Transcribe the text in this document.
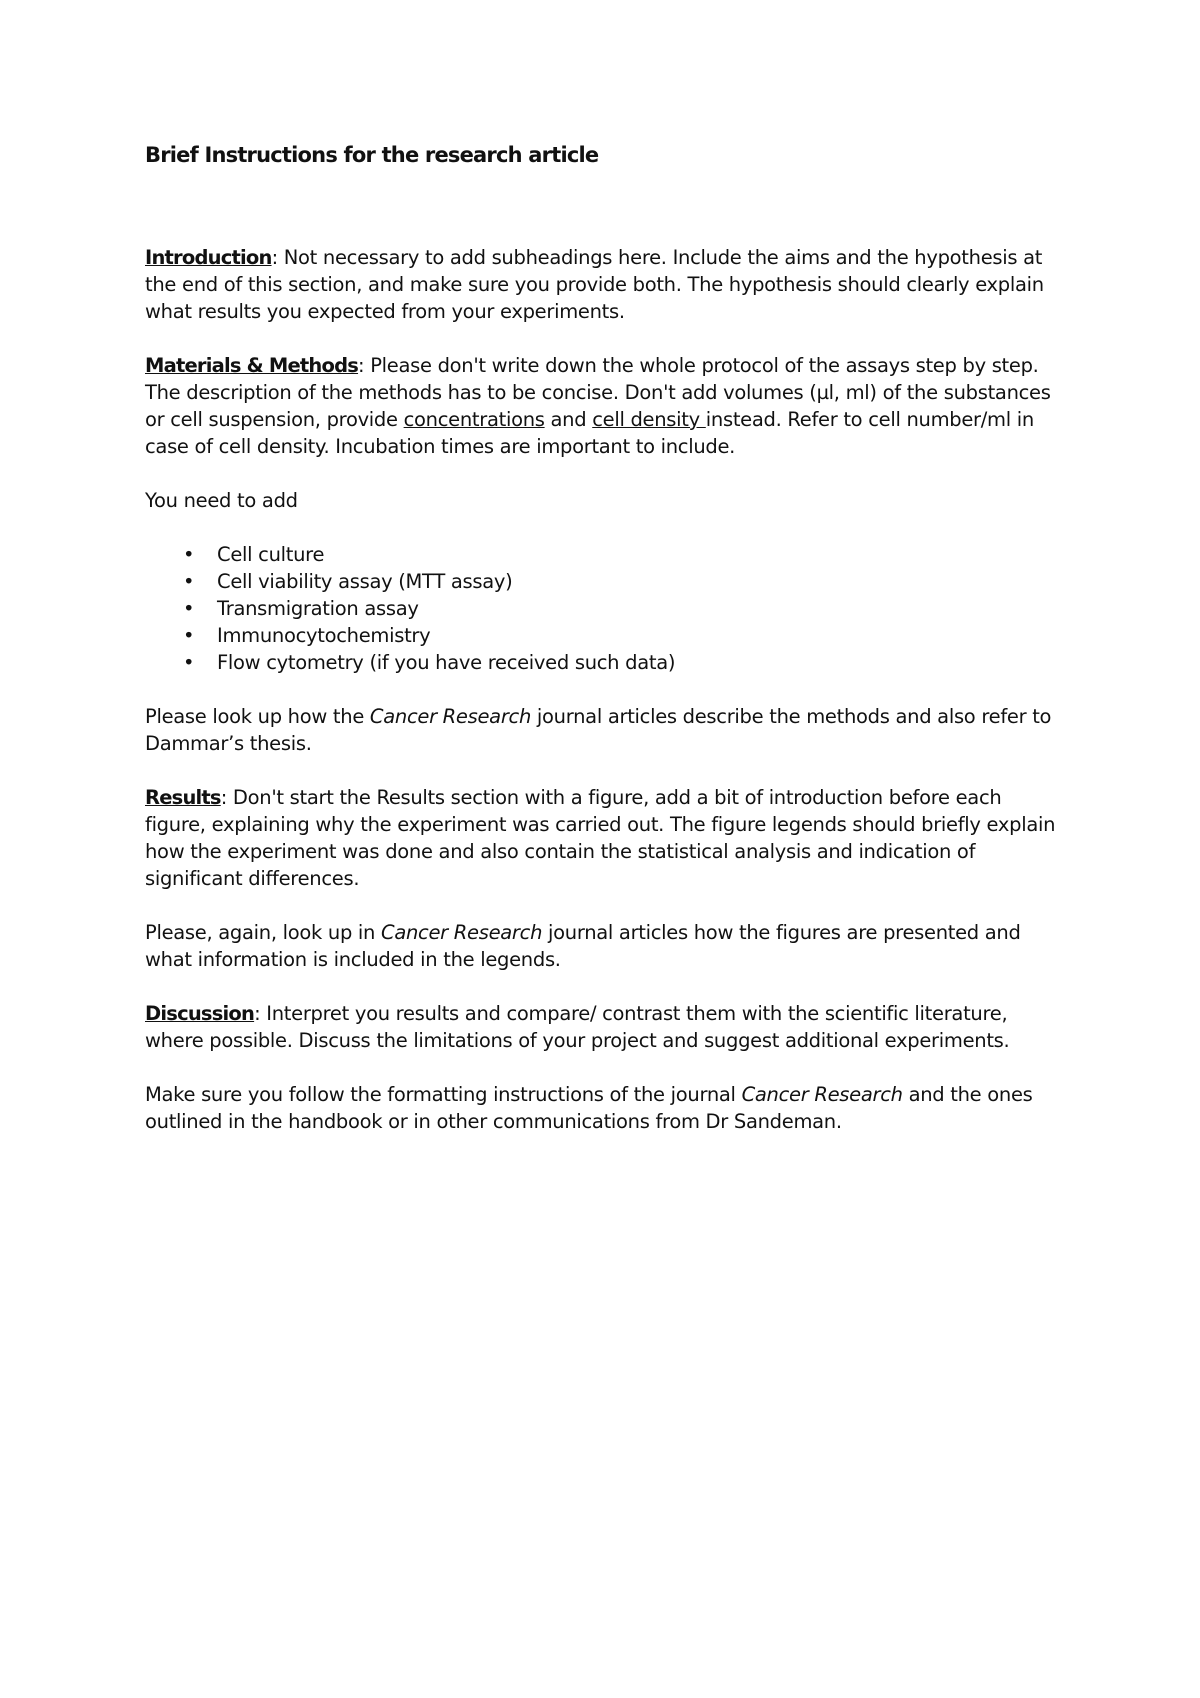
Brief Instructions for the research article

Introduction: Not necessary to add subheadings here. Include the aims and the hypothesis at the end of this section, and make sure you provide both. The hypothesis should clearly explain what results you expected from your experiments.

Materials & Methods: Please don't write down the whole protocol of the assays step by step. The description of the methods has to be concise. Don't add volumes (µl, ml) of the substances or cell suspension, provide concentrations and cell density instead. Refer to cell number/ml in case of cell density. Incubation times are important to include.

You need to add

• Cell culture
• Cell viability assay (MTT assay)
• Transmigration assay
• Immunocytochemistry
• Flow cytometry (if you have received such data)

Please look up how the Cancer Research journal articles describe the methods and also refer to Dammar’s thesis.

Results: Don't start the Results section with a figure, add a bit of introduction before each figure, explaining why the experiment was carried out. The figure legends should briefly explain how the experiment was done and also contain the statistical analysis and indication of significant differences.

Please, again, look up in Cancer Research journal articles how the figures are presented and what information is included in the legends.

Discussion: Interpret you results and compare/ contrast them with the scientific literature, where possible. Discuss the limitations of your project and suggest additional experiments.

Make sure you follow the formatting instructions of the journal Cancer Research and the ones outlined in the handbook or in other communications from Dr Sandeman.
